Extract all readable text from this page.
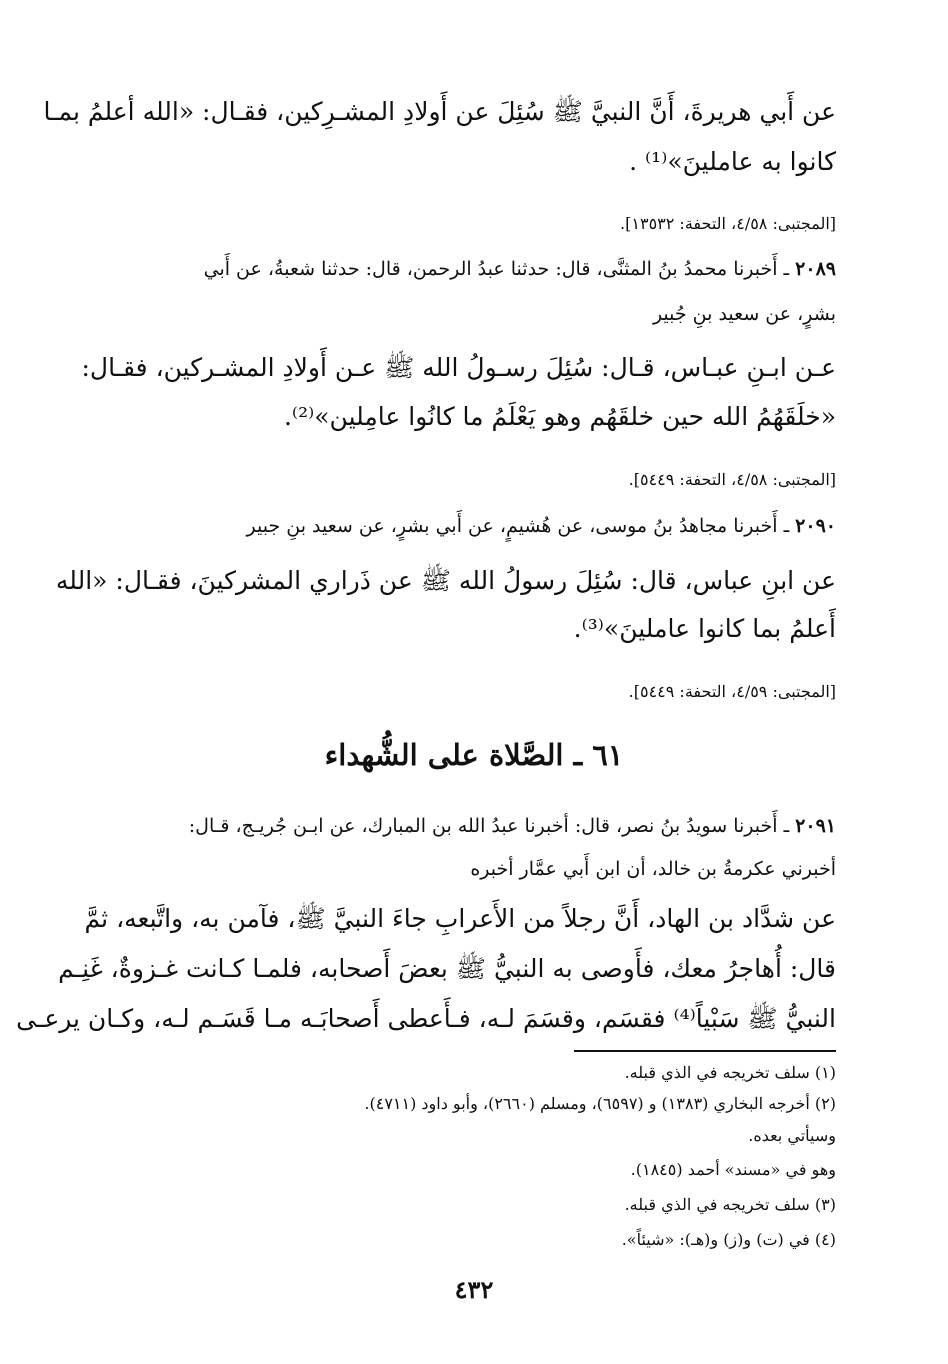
عن أَبي هريرةَ، أَنَّ النبيَّ ﷺ سُئِلَ عن أَولادِ المشـرِكين، فقـال: «الله أعلمُ بمـا
كانوا به عاملينَ»⁽¹⁾ .
[المجتبى: ٤/٥٨، التحفة: ١٣٥٣٢].
٢٠٨٩ ـ أَخبرنا محمدُ بنُ المثنَّى، قال: حدثنا عبدُ الرحمن، قال: حدثنا شعبةُ، عن أَبي
بشرٍ، عن سعيد بنِ جُبير
عـن ابـنِ عبـاس، قـال: سُئِلَ رسـولُ الله ﷺ عـن أَولادِ المشـركين، فقـال:
«خلَقَهُمُ الله حين خلقَهُم وهو يَعْلَمُ ما كانُوا عامِلين»⁽²⁾.
[المجتبى: ٤/٥٨، التحفة: ٥٤٤٩].
٢٠٩٠ ـ أَخبرنا مجاهدُ بنُ موسى، عن هُشيمٍ، عن أَبي بشرٍ، عن سعيد بنِ جبير
عن ابنِ عباس، قال: سُئِلَ رسولُ الله ﷺ عن ذَراري المشركينَ، فقـال: «الله
أَعلمُ بما كانوا عاملينَ»⁽³⁾.
[المجتبى: ٤/٥٩، التحفة: ٥٤٤٩].
٦١ ـ الصَّلاة على الشُّهداء
٢٠٩١ ـ أَخبرنا سويدُ بنُ نصر، قال: أخبرنا عبدُ الله بن المبارك، عن ابـن جُريـج، قـال:
أخبرني عكرمةُ بن خالد، أن ابن أَبي عمَّار أخبره
عن شدَّاد بن الهاد، أَنَّ رجلاً من الأَعرابِ جاءَ النبيَّ ﷺ، فآمن به، واتَّبعه، ثمَّ
قال: أُهاجرُ معك، فأَوصى به النبيُّ ﷺ بعضَ أَصحابه، فلمـا كـانت غـزوةٌ، غَنِـم
النبيُّ ﷺ سَبْياً⁽⁴⁾ فقسَم، وقسَمَ لـه، فـأَعطى أَصحابَـه مـا قَسَـم لـه، وكـان يرعـى
(١) سلف تخريجه في الذي قبله.
(٢) أخرجه البخاري (١٣٨٣) و (٦٥٩٧)، ومسلم (٢٦٦٠)، وأبو داود (٤٧١١).
وسيأتي بعده.
وهو في «مسند» أحمد (١٨٤٥).
(٣) سلف تخريجه في الذي قبله.
(٤) في (ت) و(ز) و(هـ): «شيئاً».
٤٣٢
